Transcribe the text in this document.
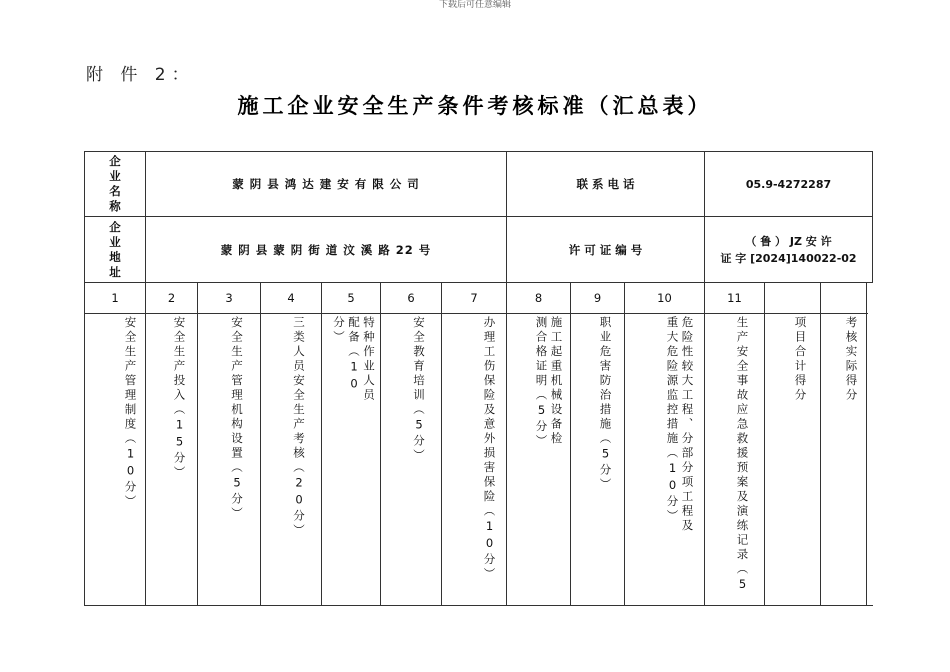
下载后可任意编辑
附 件 2：
施工企业安全生产条件考核标准（汇总表）
企
业
名
称
蒙 阴 县 鸿 达 建 安 有 限 公 司	联 系 电 话	05.9-4272287
企
业
地
址
蒙 阴 县 蒙 阴 街 道 汶 溪 路 22 号	许 可 证 编 号
（ 鲁 ） JZ 安 许
证 字 [2024]140022-02
1	2	3	4	5	6	7	8	9	10	11
安全生产管理制度（10分）	安全生产投入（15分）	安全生产管理机构设置（5分）	三类人员安全生产考核（20分）	特种作业人员配备（10分）	安全教育培训（5分）	办理工伤保险及意外损害保险（10分）	施工起重机械设备检测合格证明（5分）	职业危害防治措施（5分）	危险性较大工程、分部分项工程及重大危险源监控措施（10分）	生产安全事故应急救援预案及演练记录（5	项目合计得分	考核实际得分
